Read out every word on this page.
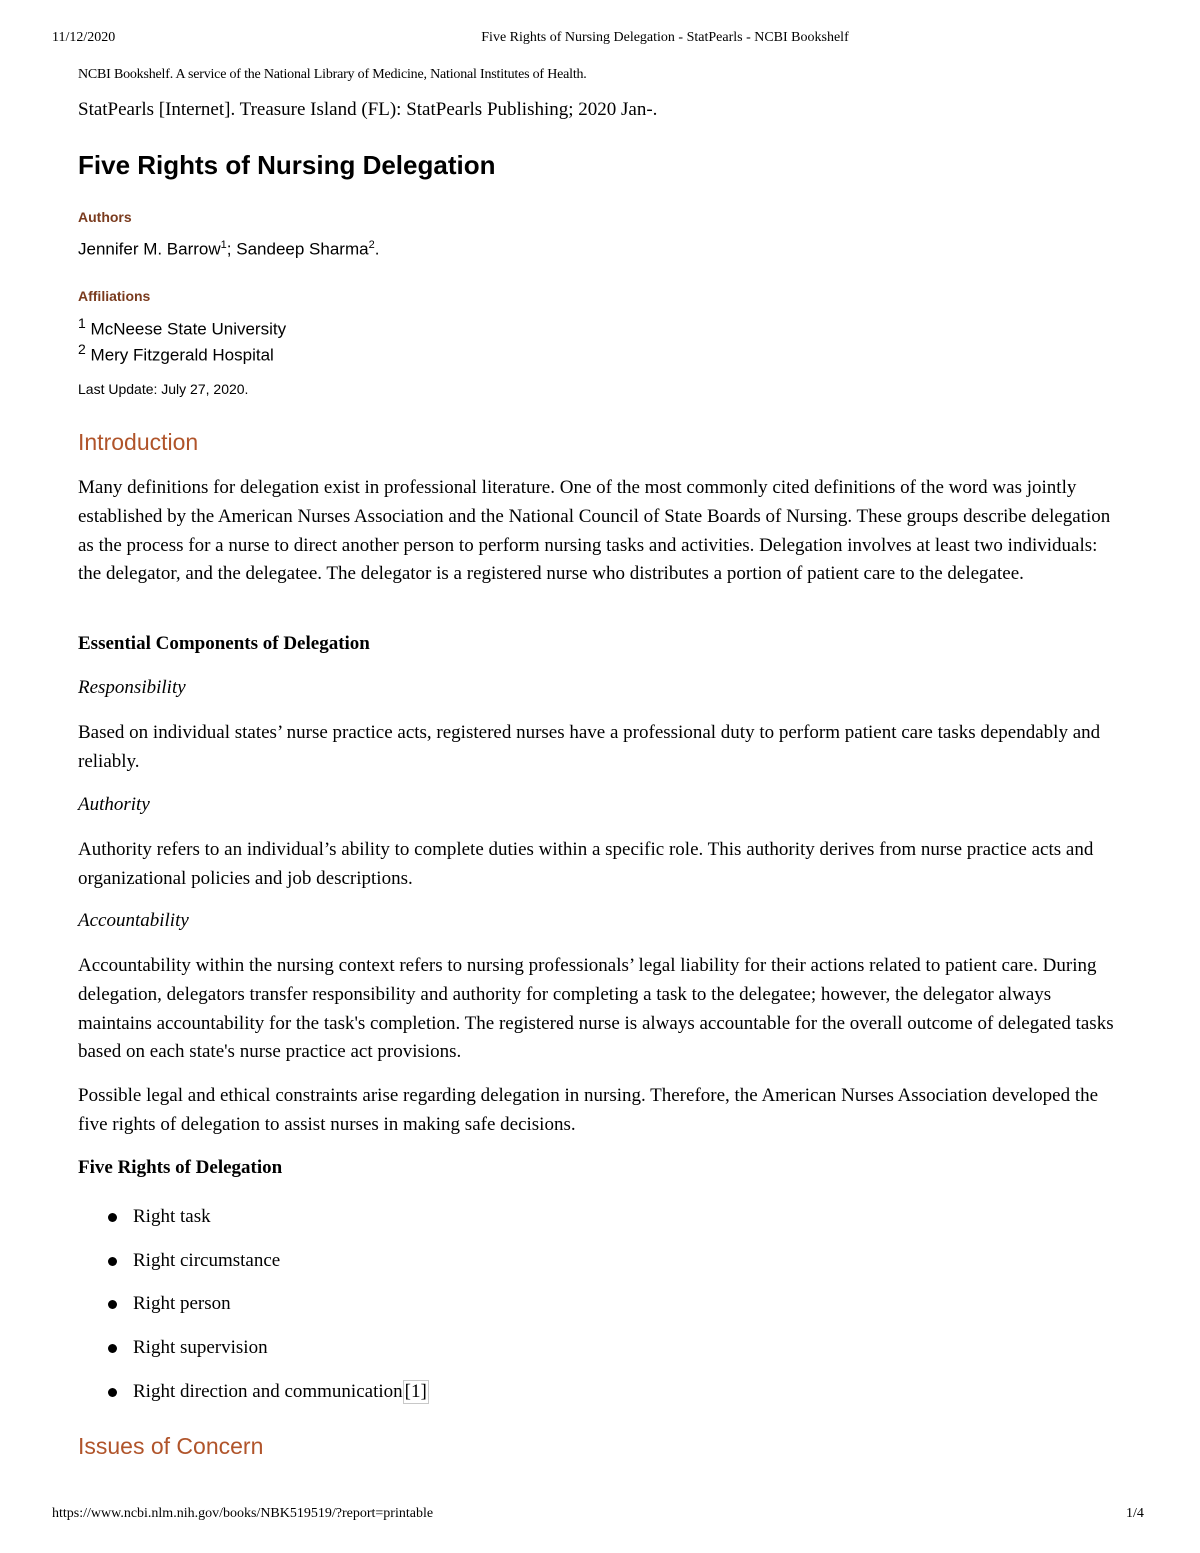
11/12/2020	Five Rights of Nursing Delegation - StatPearls - NCBI Bookshelf
NCBI Bookshelf. A service of the National Library of Medicine, National Institutes of Health.
StatPearls [Internet]. Treasure Island (FL): StatPearls Publishing; 2020 Jan-.
Five Rights of Nursing Delegation
Authors
Jennifer M. Barrow$^1$; Sandeep Sharma$^2$.
Affiliations
$^1$ McNeese State University
$^2$ Mery Fitzgerald Hospital
Last Update: July 27, 2020.
Introduction
Many definitions for delegation exist in professional literature. One of the most commonly cited definitions of the word was jointly established by the American Nurses Association and the National Council of State Boards of Nursing. These groups describe delegation as the process for a nurse to direct another person to perform nursing tasks and activities. Delegation involves at least two individuals: the delegator, and the delegatee. The delegator is a registered nurse who distributes a portion of patient care to the delegatee.
Essential Components of Delegation
Responsibility
Based on individual states’ nurse practice acts, registered nurses have a professional duty to perform patient care tasks dependably and reliably.
Authority
Authority refers to an individual’s ability to complete duties within a specific role. This authority derives from nurse practice acts and organizational policies and job descriptions.
Accountability
Accountability within the nursing context refers to nursing professionals’ legal liability for their actions related to patient care. During delegation, delegators transfer responsibility and authority for completing a task to the delegatee; however, the delegator always maintains accountability for the task's completion. The registered nurse is always accountable for the overall outcome of delegated tasks based on each state's nurse practice act provisions.
Possible legal and ethical constraints arise regarding delegation in nursing. Therefore, the American Nurses Association developed the five rights of delegation to assist nurses in making safe decisions.
Five Rights of Delegation
Right task
Right circumstance
Right person
Right supervision
Right direction and communication [1]
Issues of Concern
https://www.ncbi.nlm.nih.gov/books/NBK519519/?report=printable	1/4
